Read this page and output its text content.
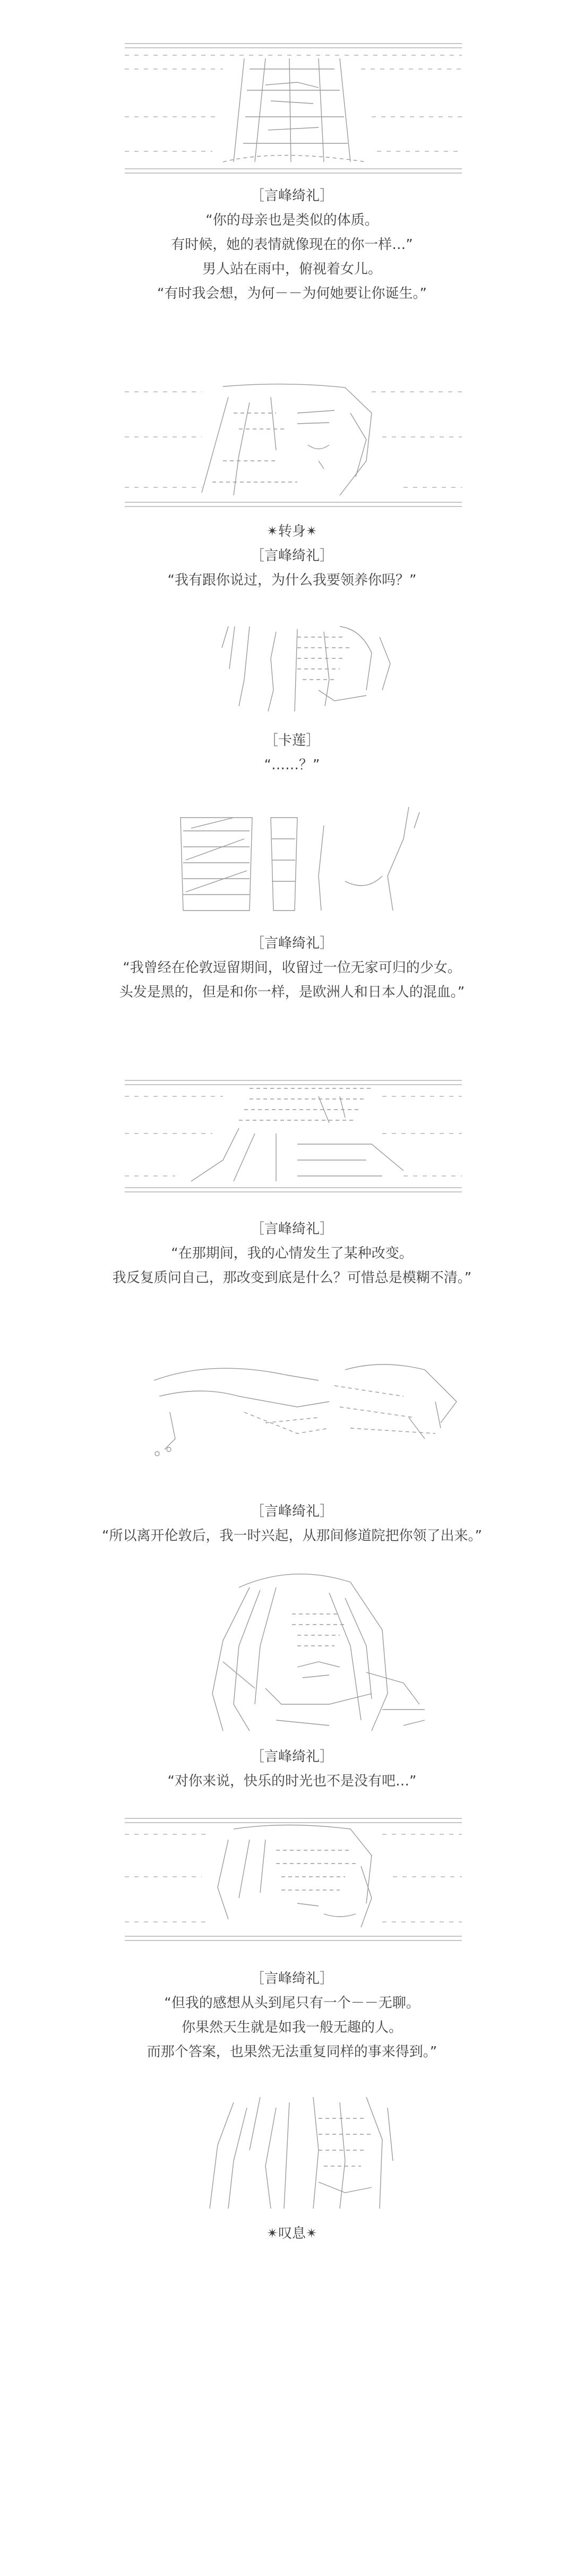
［言峰绮礼］
“你的母亲也是类似的体质。
有时候，她的表情就像现在的你一样…”
男人站在雨中，俯视着女儿。
“有时我会想，为何－－为何她要让你诞生。”
✴转身✴
［言峰绮礼］
“我有跟你说过，为什么我要领养你吗？”
［卡莲］
“……？”
［言峰绮礼］
“我曾经在伦敦逗留期间，收留过一位无家可归的少女。
头发是黑的，但是和你一样，是欧洲人和日本人的混血。”
［言峰绮礼］
“在那期间，我的心情发生了某种改变。
我反复质问自己，那改变到底是什么？可惜总是模糊不清。”
［言峰绮礼］
“所以离开伦敦后，我一时兴起，从那间修道院把你领了出来。”
［言峰绮礼］
“对你来说，快乐的时光也不是没有吧…”
［言峰绮礼］
“但我的感想从头到尾只有一个－－无聊。
你果然天生就是如我一般无趣的人。
而那个答案，也果然无法重复同样的事来得到。”
✴叹息✴
